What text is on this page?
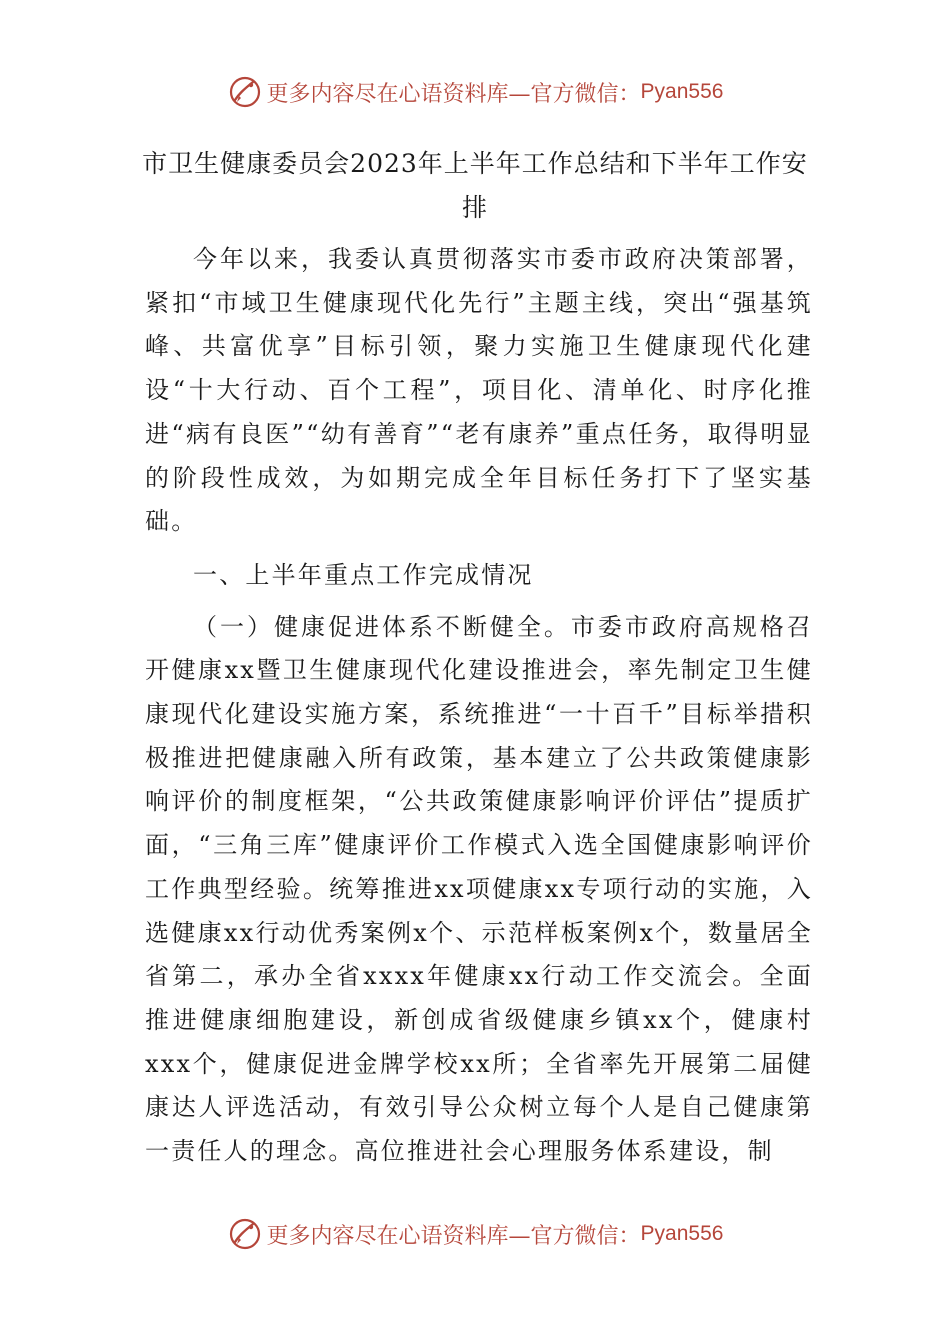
更多内容尽在心语资料库—官方微信： Pyan556
市卫生健康委员会2023年上半年工作总结和下半年工作安排

今年以来，我委认真贯彻落实市委市政府决策部署，紧扣“市域卫生健康现代化先行”主题主线，突出“强基筑峰、共富优享”目标引领，聚力实施卫生健康现代化建设“十大行动、百个工程”，项目化、清单化、时序化推进“病有良医”“幼有善育”“老有康养”重点任务，取得明显的阶段性成效，为如期完成全年目标任务打下了坚实基础。

一、上半年重点工作完成情况

（一）健康促进体系不断健全。市委市政府高规格召开健康xx暨卫生健康现代化建设推进会，率先制定卫生健康现代化建设实施方案，系统推进“一十百千”目标举措积极推进把健康融入所有政策，基本建立了公共政策健康影响评价的制度框架，“公共政策健康影响评价评估”提质扩面，“三角三库”健康评价工作模式入选全国健康影响评价工作典型经验。统筹推进xx项健康xx专项行动的实施，入选健康xx行动优秀案例x个、示范样板案例x个，数量居全省第二，承办全省xxxx年健康xx行动工作交流会。全面推进健康细胞建设，新创成省级健康乡镇xx个，健康村xxx个，健康促进金牌学校xx所；全省率先开展第二届健康达人评选活动，有效引导公众树立每个人是自己健康第一责任人的理念。高位推进社会心理服务体系建设，制

更多内容尽在心语资料库—官方微信： Pyan556
